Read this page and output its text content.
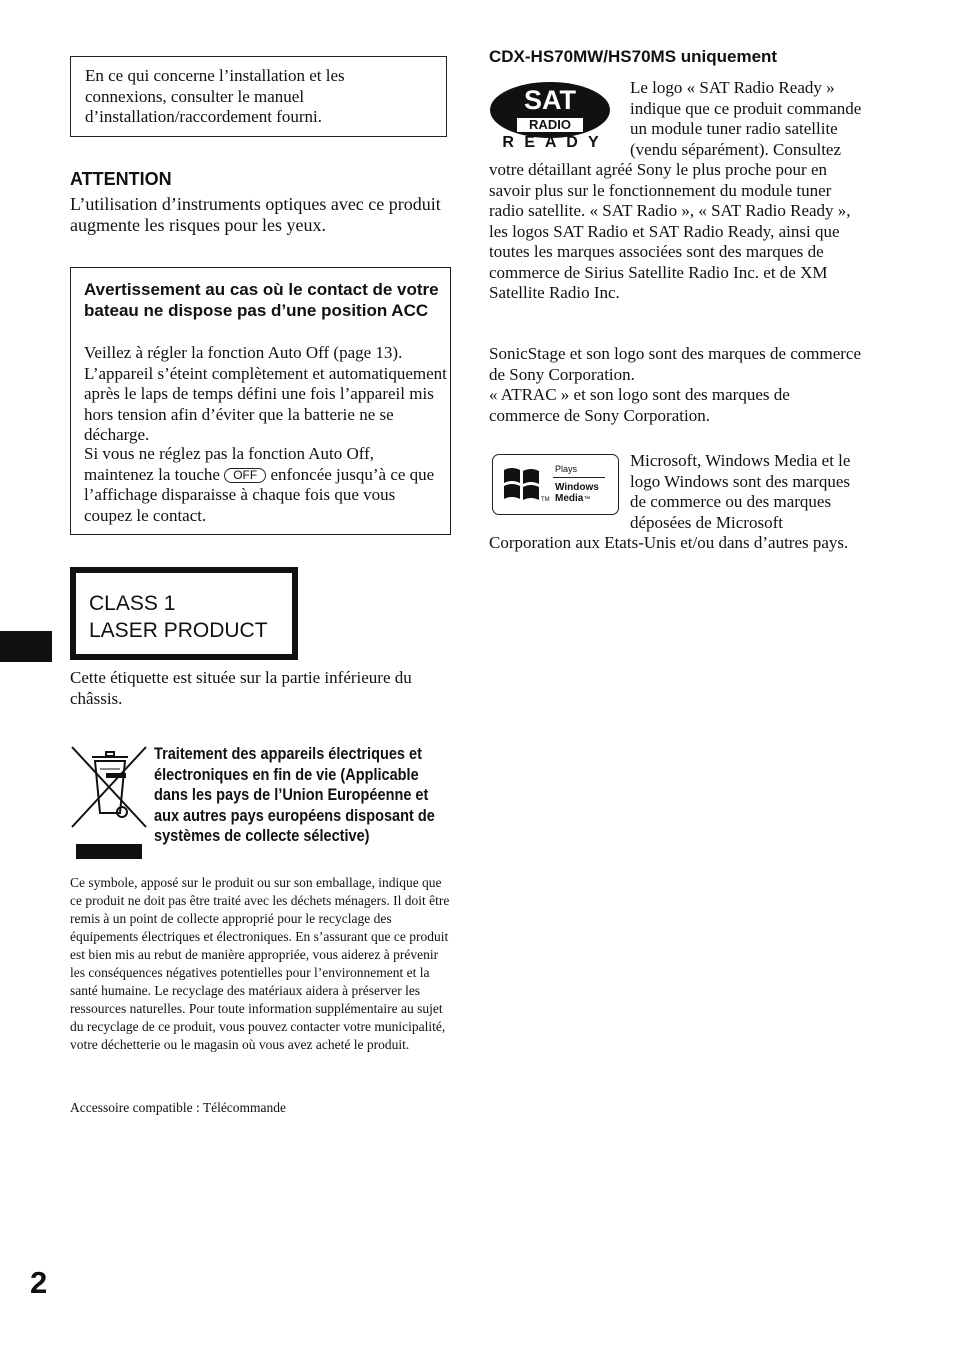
En ce qui concerne l’installation et les connexions, consulter le manuel d’installation/raccordement fourni.

ATTENTION

L’utilisation d’instruments optiques avec ce produit augmente les risques pour les yeux.

Avertissement au cas où le contact de votre bateau ne dispose pas d’une position ACC

Veillez à régler la fonction Auto Off (page 13). L’appareil s’éteint complètement et automatiquement après le laps de temps défini une fois l’appareil mis hors tension afin d’éviter que la batterie ne se décharge.

Si vous ne réglez pas la fonction Auto Off, maintenez la touche OFF enfoncée jusqu’à ce que l’affichage disparaisse à chaque fois que vous coupez le contact.

CLASS 1
LASER PRODUCT

Cette étiquette est située sur la partie inférieure du châssis.

Traitement des appareils électriques et électroniques en fin de vie (Applicable dans les pays de l’Union Européenne et aux autres pays européens disposant de systèmes de collecte sélective)

Ce symbole, apposé sur le produit ou sur son emballage, indique que ce produit ne doit pas être traité avec les déchets ménagers. Il doit être remis à un point de collecte approprié pour le recyclage des équipements électriques et électroniques. En s’assurant que ce produit est bien mis au rebut de manière appropriée, vous aiderez à prévenir les conséquences négatives potentielles pour l’environnement et la santé humaine. Le recyclage des matériaux aidera à préserver les ressources naturelles. Pour toute information supplémentaire au sujet du recyclage de ce produit, vous pouvez contacter votre municipalité, votre déchetterie ou le magasin où vous avez acheté le produit.

Accessoire compatible : Télécommande

2
CDX-HS70MW/HS70MS uniquement
SAT
RADIO
R E A D Y

Le logo « SAT Radio Ready » indique que ce produit commande un module tuner radio satellite (vendu séparément). Consultez votre détaillant agréé Sony le plus proche pour en savoir plus sur le fonctionnement du module tuner radio satellite. « SAT Radio », « SAT Radio Ready », les logos SAT Radio et SAT Radio Ready, ainsi que toutes les marques associées sont des marques de commerce de Sirius Satellite Radio Inc. et de XM Satellite Radio Inc.

SonicStage et son logo sont des marques de commerce de Sony Corporation.

« ATRAC » et son logo sont des marques de commerce de Sony Corporation.

Plays
Windows
Media™
TM

Microsoft, Windows Media et le logo Windows sont des marques de commerce ou des marques déposées de Microsoft Corporation aux Etats-Unis et/ou dans d’autres pays.
